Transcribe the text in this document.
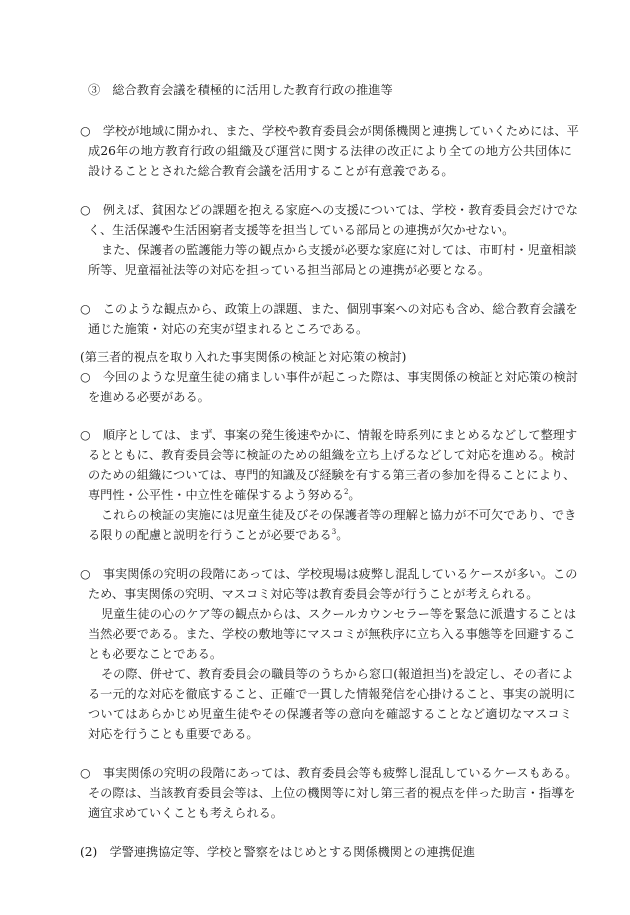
③　総合教育会議を積極的に活用した教育行政の推進等
○　学校が地域に開かれ、また、学校や教育委員会が関係機関と連携していくためには、平
成26年の地方教育行政の組織及び運営に関する法律の改正により全ての地方公共団体に
設けることとされた総合教育会議を活用することが有意義である。
○　例えば、貧困などの課題を抱える家庭への支援については、学校・教育委員会だけでな
く、生活保護や生活困窮者支援等を担当している部局との連携が欠かせない。
また、保護者の監護能力等の観点から支援が必要な家庭に対しては、市町村・児童相談
所等、児童福祉法等の対応を担っている担当部局との連携が必要となる。
○　このような観点から、政策上の課題、また、個別事案への対応も含め、総合教育会議を
通じた施策・対応の充実が望まれるところである。
(第三者的視点を取り入れた事実関係の検証と対応策の検討)
○　今回のような児童生徒の痛ましい事件が起こった際は、事実関係の検証と対応策の検討
を進める必要がある。
○　順序としては、まず、事案の発生後速やかに、情報を時系列にまとめるなどして整理す
るとともに、教育委員会等に検証のための組織を立ち上げるなどして対応を進める。検討
のための組織については、専門的知識及び経験を有する第三者の参加を得ることにより、
専門性・公平性・中立性を確保するよう努める$^2$。
これらの検証の実施には児童生徒及びその保護者等の理解と協力が不可欠であり、でき
る限りの配慮と説明を行うことが必要である$^3$。
○　事実関係の究明の段階にあっては、学校現場は疲弊し混乱しているケースが多い。この
ため、事実関係の究明、マスコミ対応等は教育委員会等が行うことが考えられる。
児童生徒の心のケア等の観点からは、スクールカウンセラー等を緊急に派遣することは
当然必要である。また、学校の敷地等にマスコミが無秩序に立ち入る事態等を回避するこ
とも必要なことである。
その際、併せて、教育委員会の職員等のうちから窓口(報道担当)を設定し、その者によ
る一元的な対応を徹底すること、正確で一貫した情報発信を心掛けること、事実の説明に
ついてはあらかじめ児童生徒やその保護者等の意向を確認することなど適切なマスコミ
対応を行うことも重要である。
○　事実関係の究明の段階にあっては、教育委員会等も疲弊し混乱しているケースもある。
その際は、当該教育委員会等は、上位の機関等に対し第三者的視点を伴った助言・指導を
適宜求めていくことも考えられる。
(2)　学警連携協定等、学校と警察をはじめとする関係機関との連携促進
